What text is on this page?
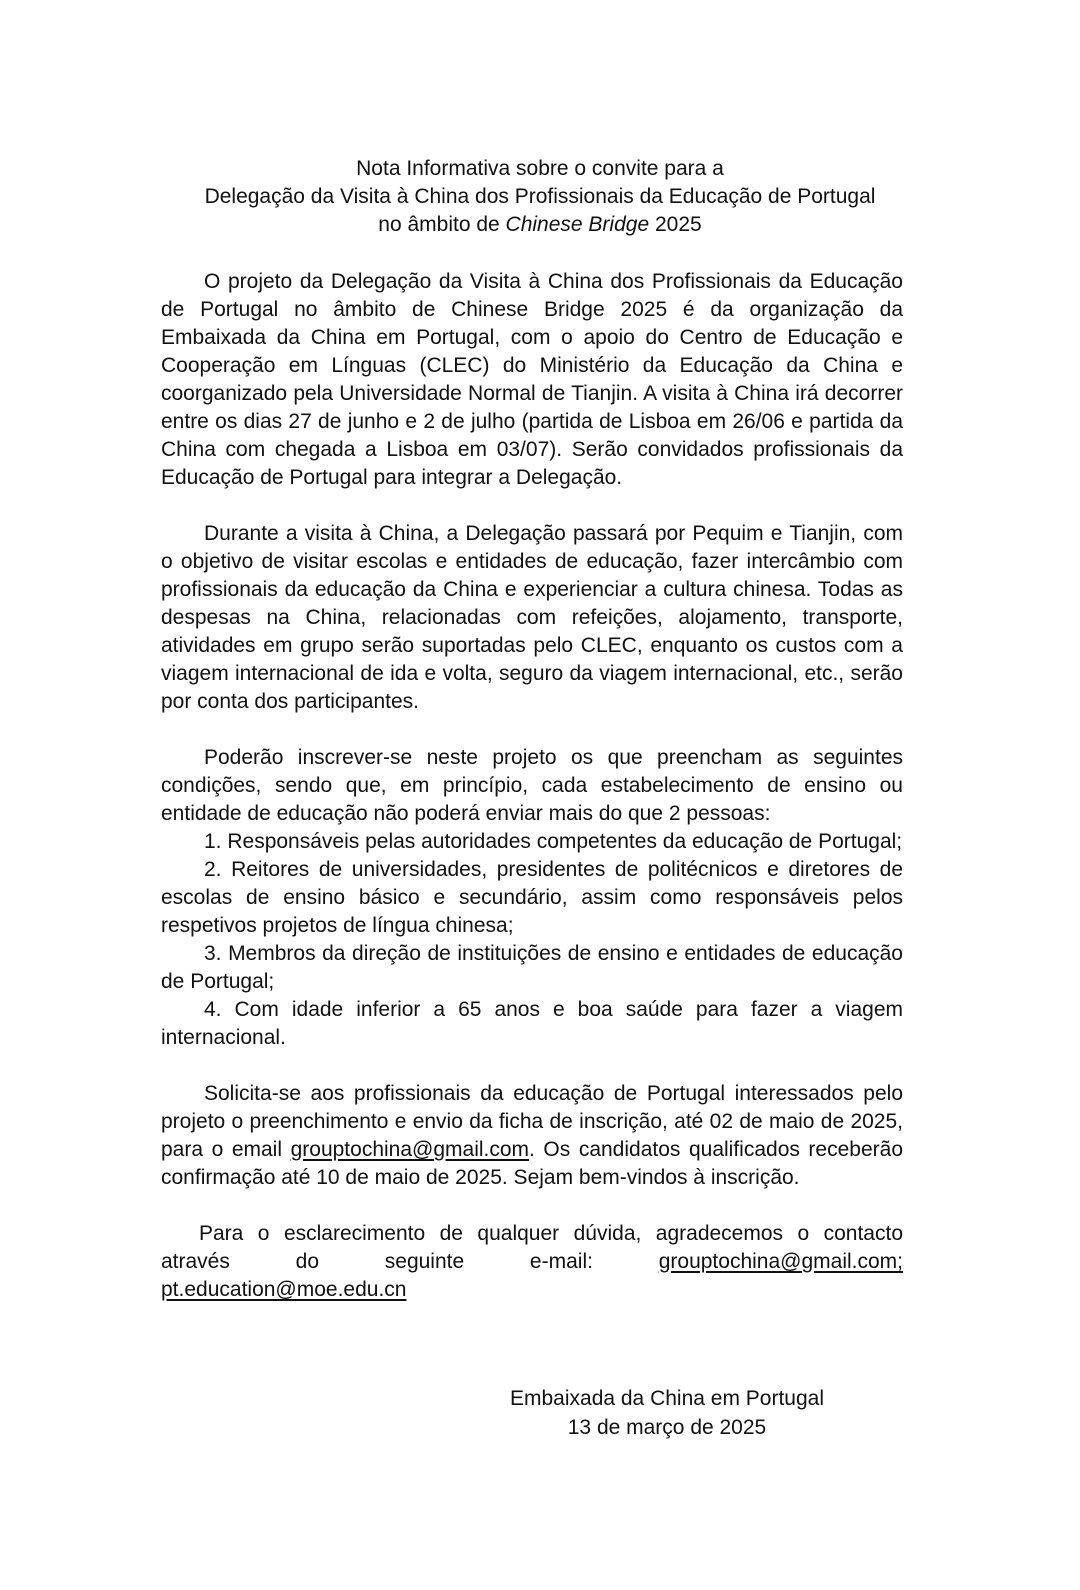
Nota Informativa sobre o convite para a
Delegação da Visita à China dos Profissionais da Educação de Portugal
no âmbito de Chinese Bridge 2025

O projeto da Delegação da Visita à China dos Profissionais da Educação de Portugal no âmbito de Chinese Bridge 2025 é da organização da Embaixada da China em Portugal, com o apoio do Centro de Educação e Cooperação em Línguas (CLEC) do Ministério da Educação da China e coorganizado pela Universidade Normal de Tianjin. A visita à China irá decorrer entre os dias 27 de junho e 2 de julho (partida de Lisboa em 26/06 e partida da China com chegada a Lisboa em 03/07). Serão convidados profissionais da Educação de Portugal para integrar a Delegação.

Durante a visita à China, a Delegação passará por Pequim e Tianjin, com o objetivo de visitar escolas e entidades de educação, fazer intercâmbio com profissionais da educação da China e experienciar a cultura chinesa. Todas as despesas na China, relacionadas com refeições, alojamento, transporte, atividades em grupo serão suportadas pelo CLEC, enquanto os custos com a viagem internacional de ida e volta, seguro da viagem internacional, etc., serão por conta dos participantes.

Poderão inscrever-se neste projeto os que preencham as seguintes condições, sendo que, em princípio, cada estabelecimento de ensino ou entidade de educação não poderá enviar mais do que 2 pessoas:

1. Responsáveis pelas autoridades competentes da educação de Portugal;

2. Reitores de universidades, presidentes de politécnicos e diretores de escolas de ensino básico e secundário, assim como responsáveis pelos respetivos projetos de língua chinesa;

3. Membros da direção de instituições de ensino e entidades de educação de Portugal;

4. Com idade inferior a 65 anos e boa saúde para fazer a viagem internacional.

Solicita-se aos profissionais da educação de Portugal interessados pelo projeto o preenchimento e envio da ficha de inscrição, até 02 de maio de 2025, para o email grouptochina@gmail.com. Os candidatos qualificados receberão confirmação até 10 de maio de 2025. Sejam bem-vindos à inscrição.

Para o esclarecimento de qualquer dúvida, agradecemos o contacto através do seguinte e-mail: grouptochina@gmail.com; pt.education@moe.edu.cn

Embaixada da China em Portugal
13 de março de 2025
